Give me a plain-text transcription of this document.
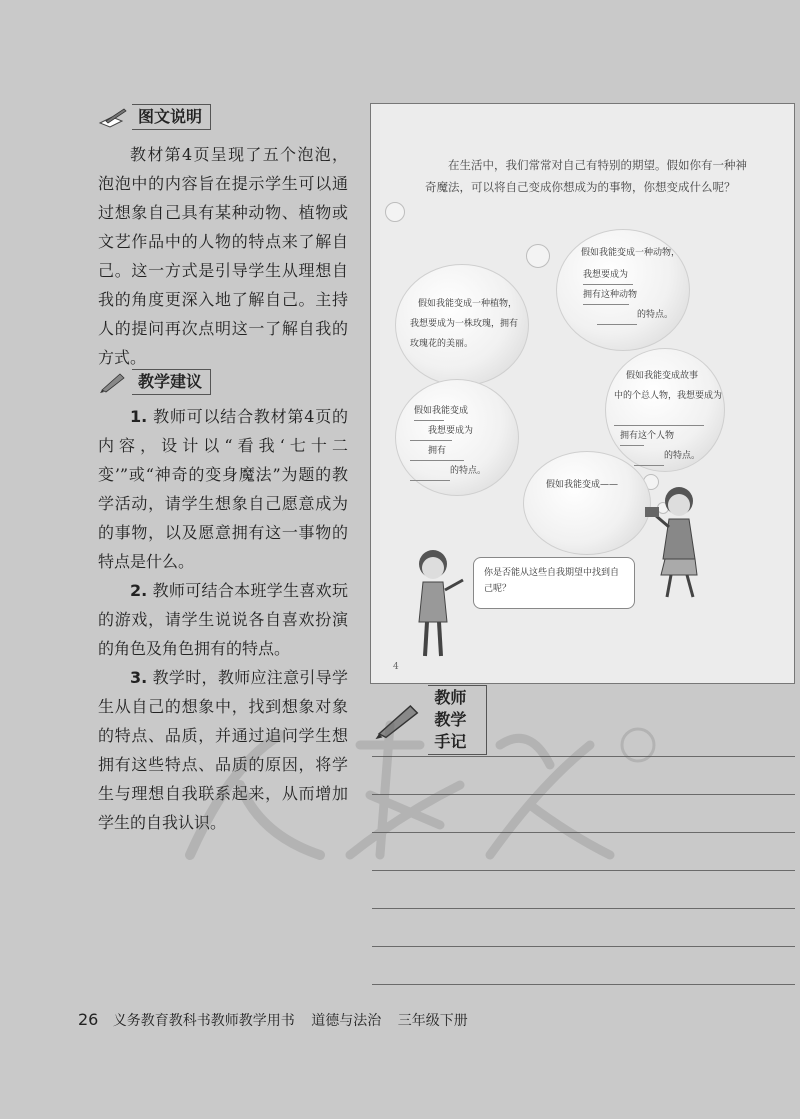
图文说明

教材第4页呈现了五个泡泡，泡泡中的内容旨在提示学生可以通过想象自己具有某种动物、植物或文艺作品中的人物的特点来了解自己。这一方式是引导学生从理想自我的角度更深入地了解自己。主持人的提问再次点明这一了解自我的方式。

教学建议

1. 教师可以结合教材第4页的内容，设计以“看我‘七十二变’”或“神奇的变身魔法”为题的教学活动，请学生想象自己愿意成为的事物，以及愿意拥有这一事物的特点是什么。

2. 教师可结合本班学生喜欢玩的游戏，请学生说说各自喜欢扮演的角色及角色拥有的特点。

3. 教学时，教师应注意引导学生从自己的想象中，找到想象对象的特点、品质，并通过追问学生想拥有这些特点、品质的原因，将学生与理想自我联系起来，从而增加学生的自我认识。

在生活中，我们常常对自己有特别的期望。假如你有一种神奇魔法，可以将自己变成你想成为的事物，你想变成什么呢？
假如我能变成一种动物，
我想要成为
拥有这种动物
的特点。
假如我能变成一种植物，
我想要成为一株玫瑰，拥有
玫瑰花的美丽。
假如我能变成
我想要成为
拥有
的特点。
假如我能变成故事
中的个总人物，我想要成为
拥有这个人物
的特点。
假如我能变成——
你是否能从这些自我期望中找到自己呢？
4
教师教学手记
26 义务教育教科书教师教学用书 道德与法治 三年级下册
